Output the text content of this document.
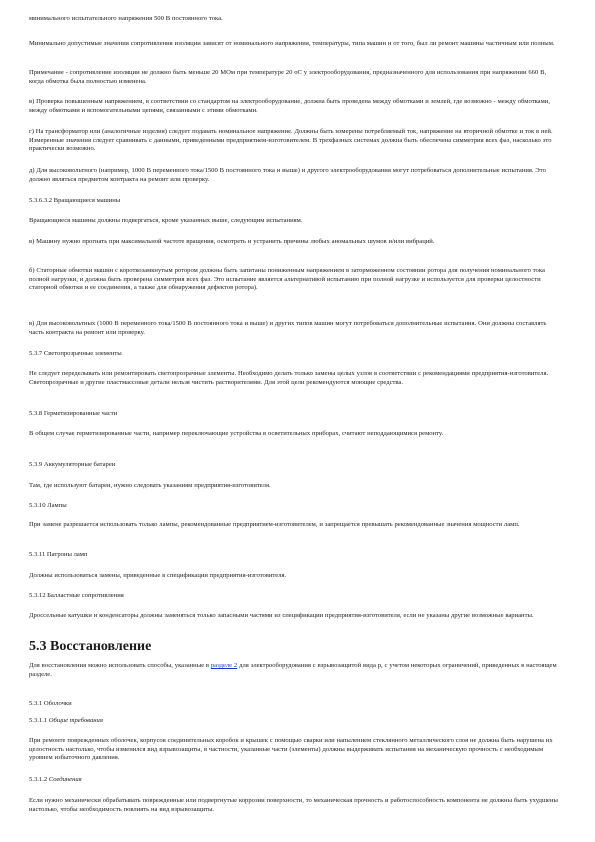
минимального испытательного напряжения 500 В постоянного тока.

Минимально допустимые значения сопротивления изоляции зависят от номинального напряжения, температуры, типа машин и от того, был ли ремонт машины частичным или полным.

Примечание - сопротивление изоляции не должно быть меньше 20 МОм при температуре 20 оС у электрооборудования, предназначенного для использования при напряжении 660 В, когда обмотка была полностью изменена.

в) Проверка повышенным напряжением, в соответствии со стандартом на электрооборудование, должна быть проведена между обмотками и землей, где возможно - между обмотками, между обмотками и вспомогательными цепями, связанными с этими обмотками.

г) На трансформатор или (аналогичные изделия) следует подавать номинальное напряжение. Должны быть измерены потребляемый ток, напряжение на вторичной обмотке и ток в ней. Измеренные значения следует сравнивать с данными, приведенными предприятием-изготовителем. В трехфазных системах должна быть обеспечена симметрия всех фаз, насколько это практически возможно.

д) Для высоковольтного (например, 1000 В переменного тока/1500 В постоянного тока и выше) и другого электрооборудования могут потребоваться дополнительные испытания. Это должно являться предметом контракта на ремонт или проверку.

5.3.6.3.2 Вращающиеся машины

Вращающиеся машины должны подвергаться, кроме указанных выше, следующим испытаниям.

в) Машину нужно прогнать при максимальной частоте вращения, осмотреть и устранить причины любых аномальных шумов и/или вибраций.

б) Статорные обмотки машин с короткозамкнутым ротором должны быть запитаны пониженным напряжением в заторможенном состоянии ротора для получения номинального тока полной нагрузки, и должна быть проверена симметрия всех фаз. Это испытание является альтернативой испытанию при полной нагрузке и используется для проверки целостности статорной обмотки и ее соединения, а также для обнаружения дефектов ротора).

в) Для высоковольтных (1000 В переменного тока/1500 В постоянного тока и выше) и других типов машин могут потребоваться дополнительные испытания. Они должны составлять часть контракта на ремонт или проверку.

5.3.7 Светопрозрачные элементы

Не следует переделывать или ремонтировать светопрозрачные элементы. Необходимо делать только замены целых узлов в соответствии с рекомендациями предприятия-изготовителя. Светопрозрачные и другие пластмассовые детали нельзя чистить растворителями. Для этой цели рекомендуются моющие средства.

5.3.8 Герметизированные части

В общем случае герметизированные части, например переключающие устройства в осветительных приборах, считают неподдающимися ремонту.

5.3.9 Аккумуляторные батареи

Там, где используют батареи, нужно следовать указаниям предприятия-изготовителя.

5.3.10 Лампы

При замене разрешается использовать только лампы, рекомендованные предприятием-изготовителем, и запрещается превышать рекомендованные значения мощности ламп.

5.3.11 Патроны ламп

Должны использоваться замены, приведенные в спецификации предприятия-изготовителя.

5.3.12 Балластные сопротивления

Дроссельные катушки и конденсаторы должны заменяться только запасными частями из спецификации предприятия-изготовителя, если не указаны другие возможные варианты.

5.3 Восстановление

Для восстановления можно использовать способы, указанные в разделе 2 для электрооборудования с взрывозащитой вида р, с учетом некоторых ограничений, приведенных в настоящем разделе.

5.3.1 Оболочки

5.3.1.1 Общие требования

При ремонте поврежденных оболочек, корпусов соединительных коробок и крышек с помощью сварки или напылением стеклянного металлического слоя не должна быть нарушена их целостность настолько, чтобы изменился вид взрывозащиты, в частности, указанные части (элементы) должны выдерживать испытания на механическую прочность с необходимым уровнем избыточного давления.

5.3.1.2 Соединения

Если нужно механически обрабатывать поврежденные или подвергнутые коррозии поверхности, то механическая прочность и работоспособность компонента не должны быть ухудшены настолько, чтобы необходимость повлиять на вид взрывозащиты.
